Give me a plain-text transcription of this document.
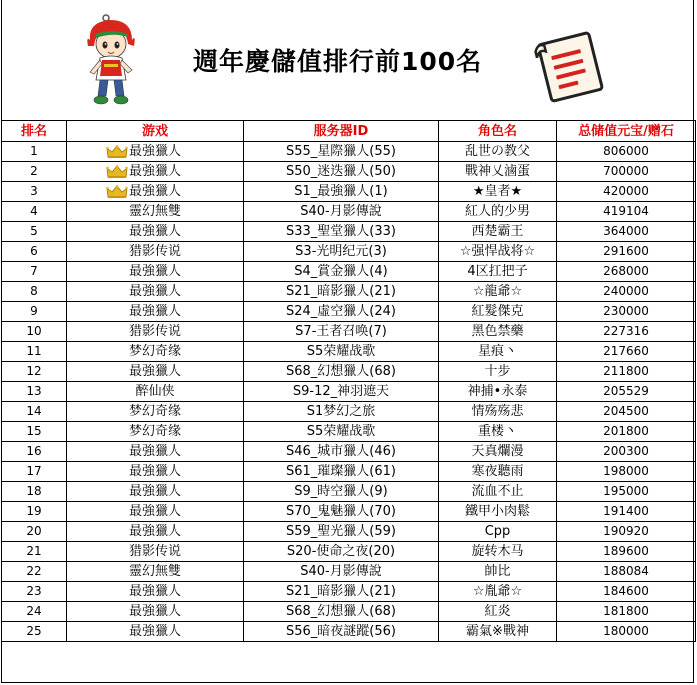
週年慶儲值排行前100名
排名	游戏	服务器ID	角色名	总储值元宝/赠石
1	最強獵人	S55_星際獵人(55)	乱世の教父	806000
2	最強獵人	S50_迷迭獵人(50)	戰神乂滷蛋	700000
3	最強獵人	S1_最強獵人(1)	★皇者★	420000
4	靈幻無雙	S40-月影傳說	紅人的少男	419104
5	最強獵人	S33_聖堂獵人(33)	西楚霸王	364000
6	猎影传说	S3-光明纪元(3)	☆强悍战将☆	291600
7	最強獵人	S4_賞金獵人(4)	4区扛把子	268000
8	最強獵人	S21_暗影獵人(21)	☆龍爺☆	240000
9	最強獵人	S24_虛空獵人(24)	紅髮傑克	230000
10	猎影传说	S7-王者召唤(7)	黑色禁藥	227316
11	梦幻奇缘	S5荣耀战歌	星痕丶	217660
12	最強獵人	S68_幻想獵人(68)	十步	211800
13	醉仙侠	S9-12_神羽遮天	神捕•永泰	205529
14	梦幻奇缘	S1梦幻之旅	情殇殇悲	204500
15	梦幻奇缘	S5荣耀战歌	重楼丶	201800
16	最強獵人	S46_城市獵人(46)	天真爛漫	200300
17	最強獵人	S61_璀璨獵人(61)	寒夜聽雨	198000
18	最強獵人	S9_時空獵人(9)	流血不止	195000
19	最強獵人	S70_鬼魅獵人(70)	鐵甲小肉鬆	191400
20	最強獵人	S59_聖光獵人(59)	Cpp	190920
21	猎影传说	S20-使命之夜(20)	旋转木马	189600
22	靈幻無雙	S40-月影傳說	帥比	188084
23	最強獵人	S21_暗影獵人(21)	☆胤爺☆	184600
24	最強獵人	S68_幻想獵人(68)	紅炎	181800
25	最強獵人	S56_暗夜謎蹤(56)	霸氣※戰神	180000
